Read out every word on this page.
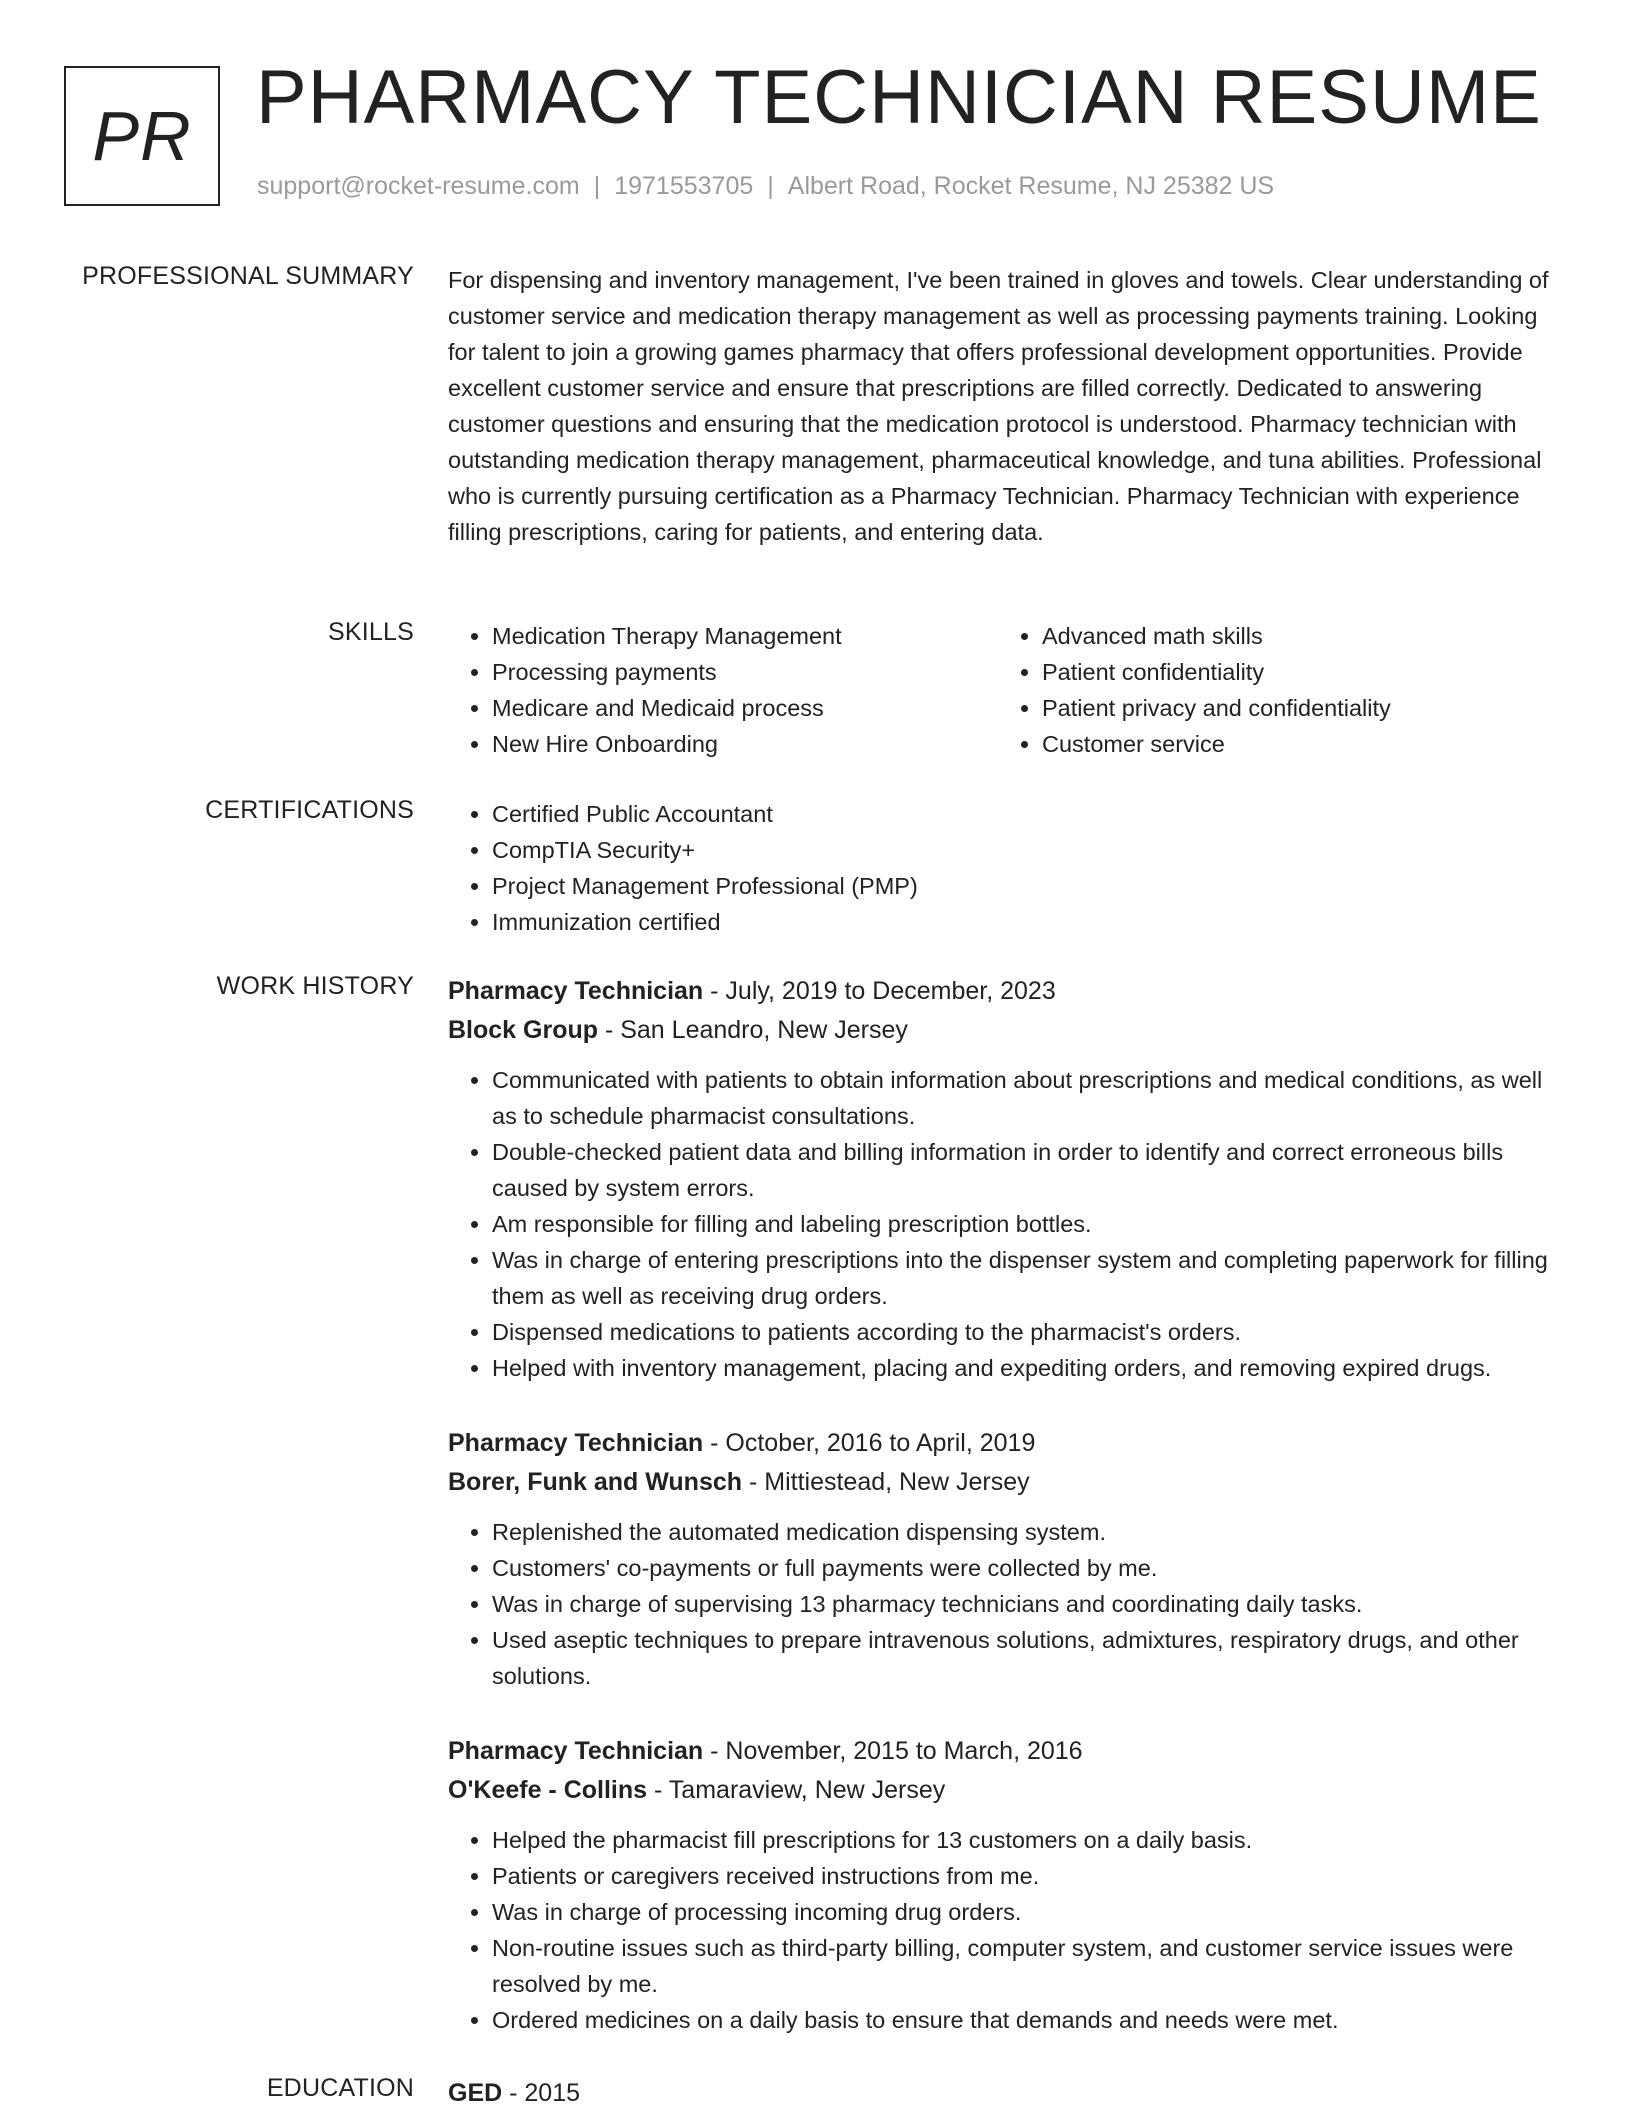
PR PHARMACY TECHNICIAN RESUME
support@rocket-resume.com | 1971553705 | Albert Road, Rocket Resume, NJ 25382 US
PROFESSIONAL SUMMARY For dispensing and inventory management, I've been trained in gloves and towels. Clear understanding of customer service and medication therapy management as well as processing payments training. Looking for talent to join a growing games pharmacy that offers professional development opportunities. Provide excellent customer service and ensure that prescriptions are filled correctly. Dedicated to answering customer questions and ensuring that the medication protocol is understood. Pharmacy technician with outstanding medication therapy management, pharmaceutical knowledge, and tuna abilities. Professional who is currently pursuing certification as a Pharmacy Technician. Pharmacy Technician with experience filling prescriptions, caring for patients, and entering data.

SKILLS	• Medication Therapy Management
• Processing payments
• Medicare and Medicaid process
• New Hire Onboarding
• Advanced math skills
• Patient confidentiality
• Patient privacy and confidentiality
• Customer service
CERTIFICATIONS	• Certified Public Accountant
• CompTIA Security+
• Project Management Professional (PMP)
• Immunization certified
WORK HISTORY Pharmacy Technician - July, 2019 to December, 2023
Block Group - San Leandro, New Jersey
• Communicated with patients to obtain information about prescriptions and medical conditions, as well as to schedule pharmacist consultations.
• Double-checked patient data and billing information in order to identify and correct erroneous bills caused by system errors.
• Am responsible for filling and labeling prescription bottles.
• Was in charge of entering prescriptions into the dispenser system and completing paperwork for filling them as well as receiving drug orders.
• Dispensed medications to patients according to the pharmacist's orders.
• Helped with inventory management, placing and expediting orders, and removing expired drugs.
Pharmacy Technician - October, 2016 to April, 2019
Borer, Funk and Wunsch - Mittiestead, New Jersey
• Replenished the automated medication dispensing system.
• Customers' co-payments or full payments were collected by me.
• Was in charge of supervising 13 pharmacy technicians and coordinating daily tasks.
• Used aseptic techniques to prepare intravenous solutions, admixtures, respiratory drugs, and other solutions.
Pharmacy Technician - November, 2015 to March, 2016
O'Keefe - Collins - Tamaraview, New Jersey
• Helped the pharmacist fill prescriptions for 13 customers on a daily basis.
• Patients or caregivers received instructions from me.
• Was in charge of processing incoming drug orders.
• Non-routine issues such as third-party billing, computer system, and customer service issues were resolved by me.
• Ordered medicines on a daily basis to ensure that demands and needs were met.
EDUCATION GED - 2015
